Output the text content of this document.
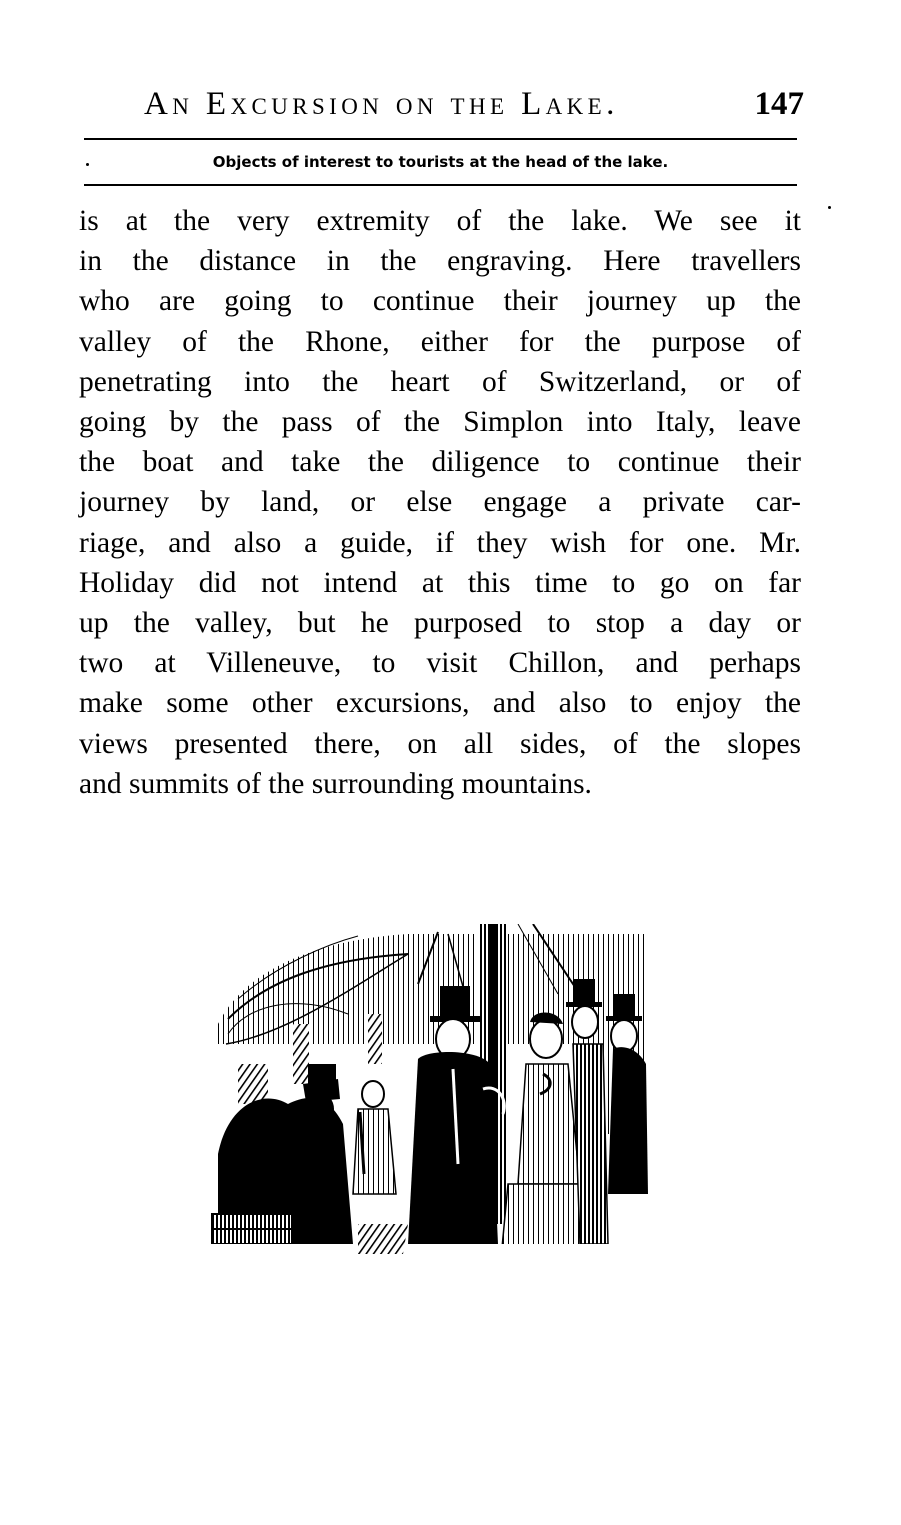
An Excursion on the Lake.	147
Objects of interest to tourists at the head of the lake.
is at the very extremity of the lake. We see it
in the distance in the engraving. Here travellers
who are going to continue their journey up the
valley of the Rhone, either for the purpose of
penetrating into the heart of Switzerland, or of
going by the pass of the Simplon into Italy, leave
the boat and take the diligence to continue their
journey by land, or else engage a private car-
riage, and also a guide, if they wish for one. Mr.
Holiday did not intend at this time to go on far
up the valley, but he purposed to stop a day or
two at Villeneuve, to visit Chillon, and perhaps
make some other excursions, and also to enjoy the
views presented there, on all sides, of the slopes
and summits of the surrounding mountains.
